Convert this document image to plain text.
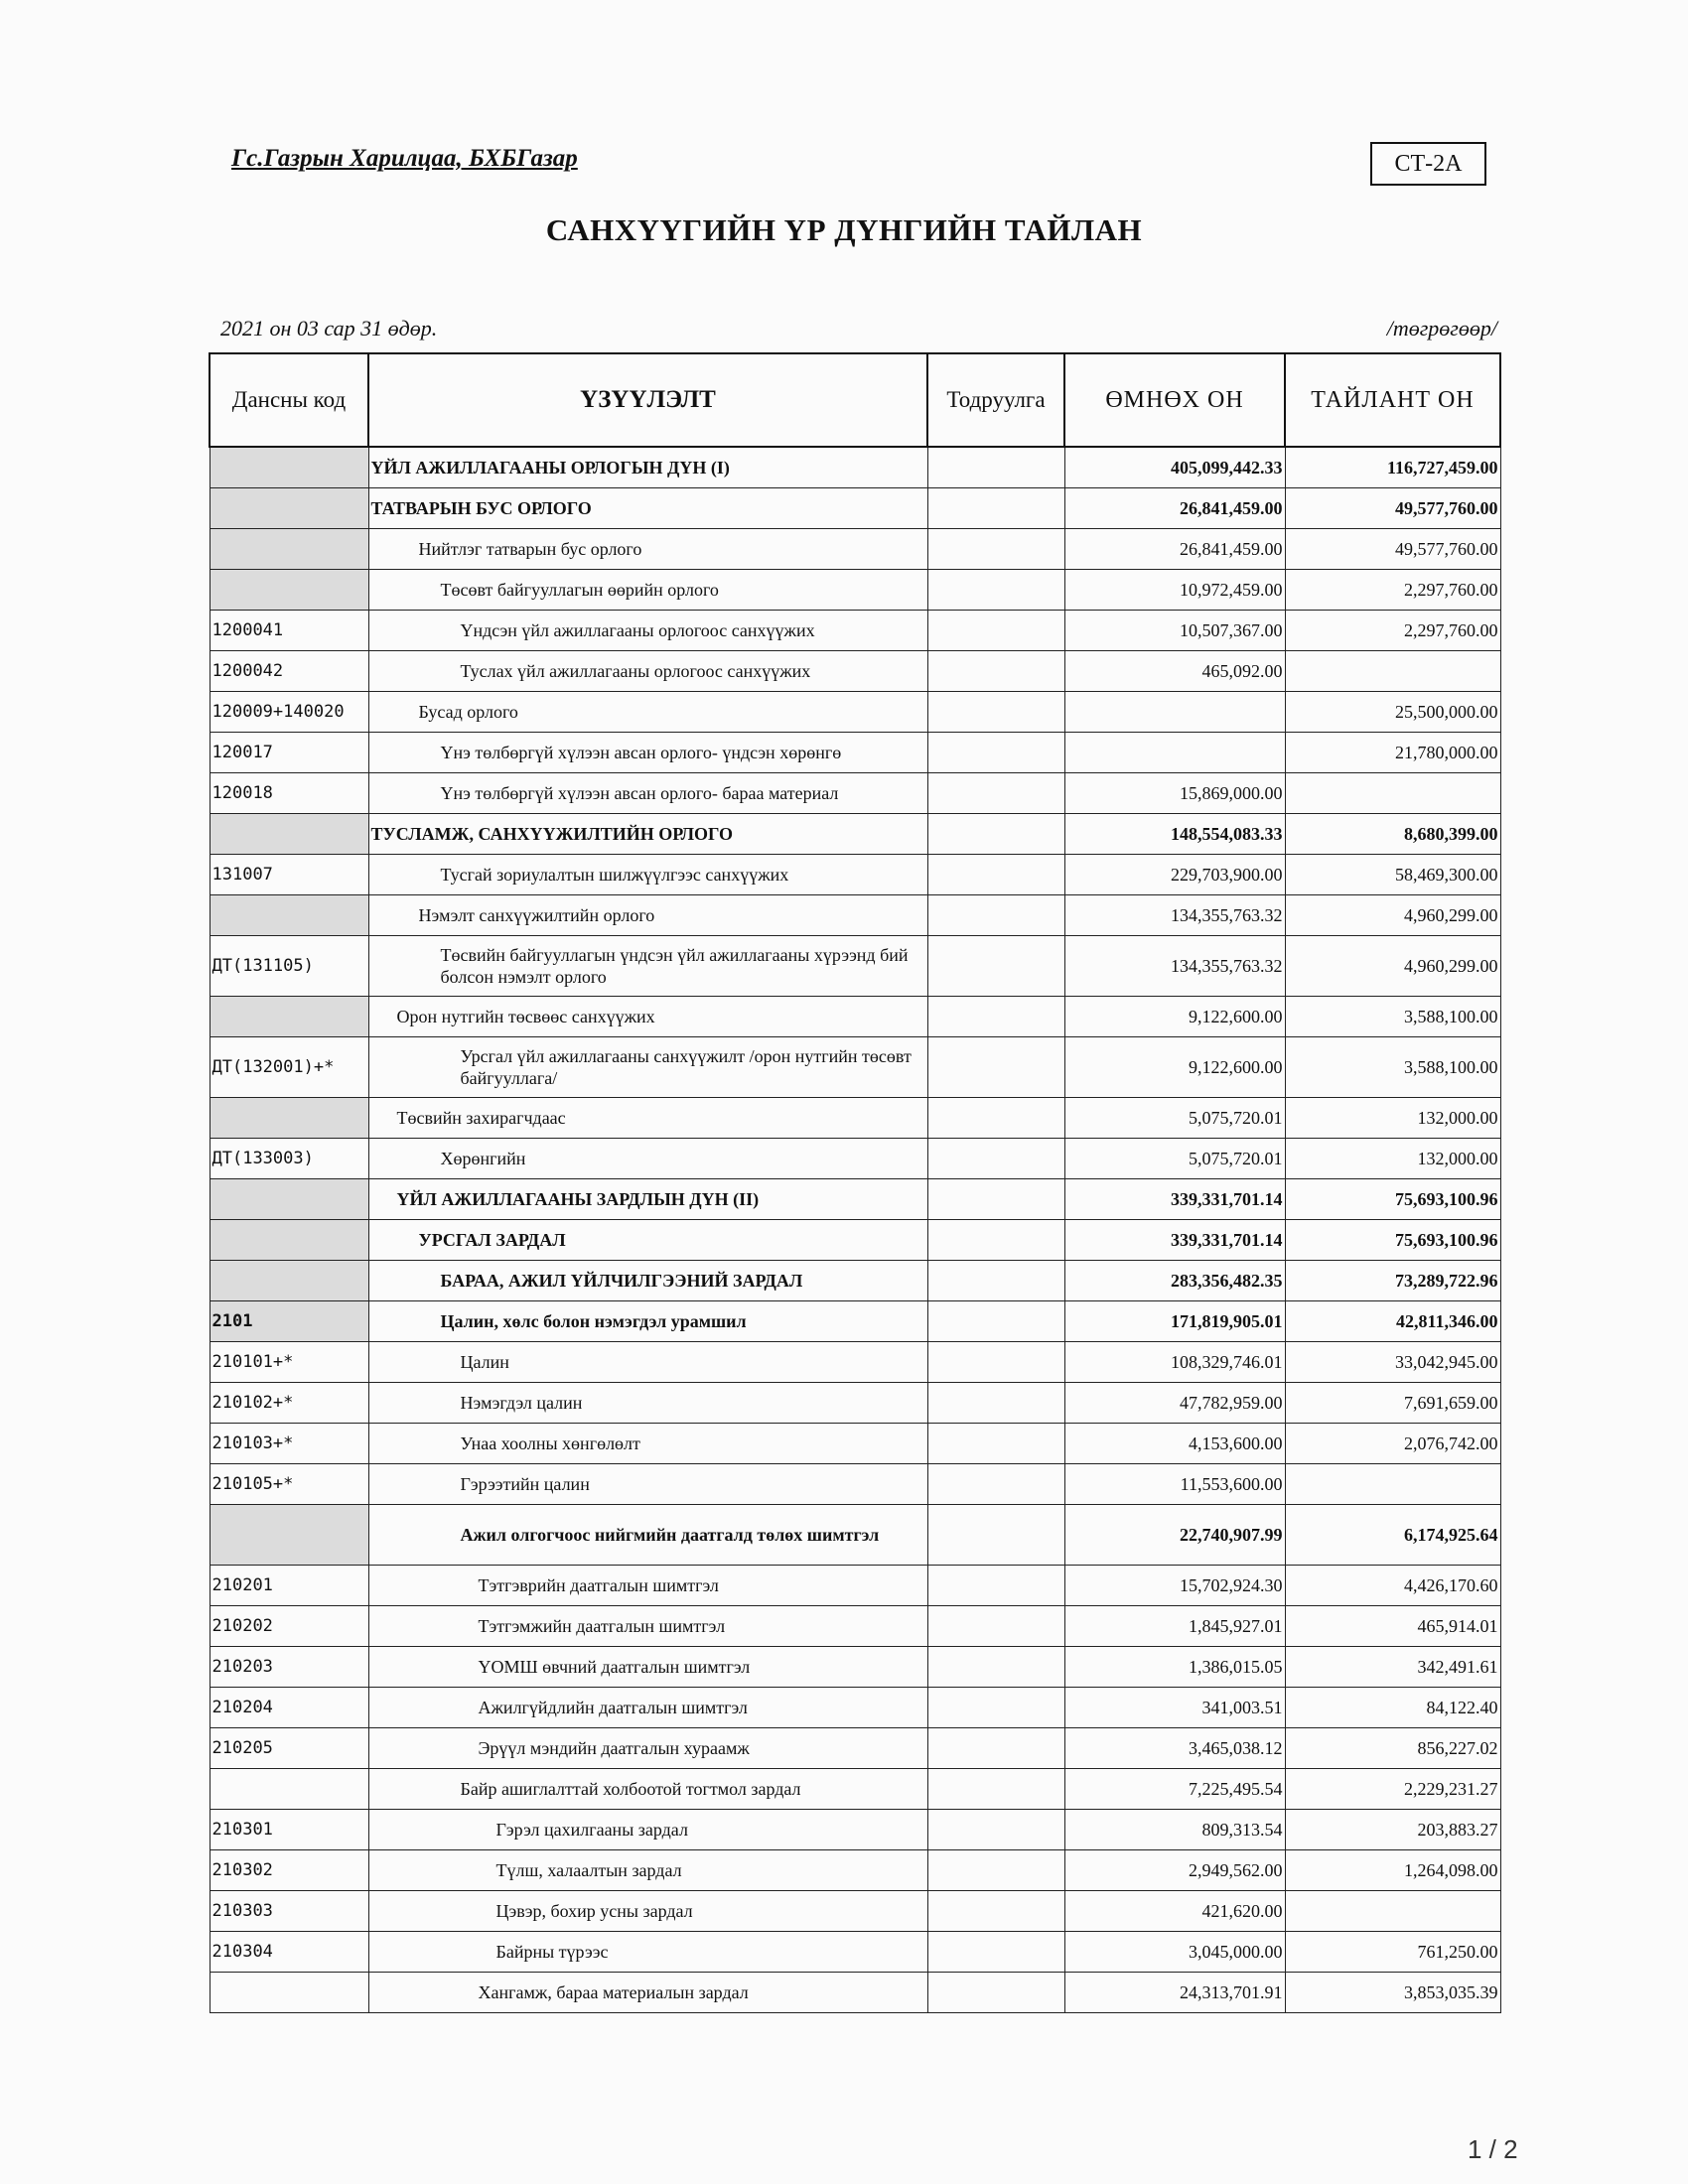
Гс.Газрын Харилцаа, БХБГазар	СТ-2А
САНХҮҮГИЙН ҮР ДҮНГИЙН ТАЙЛАН
2021 он 03 сар 31 өдөр.	/төгрөгөөр/
Дансны код	ҮЗҮҮЛЭЛТ	Тодруулга	ӨМНӨХ ОН	ТАЙЛАНТ ОН
	ҮЙЛ АЖИЛЛАГААНЫ ОРЛОГЫН ДҮН (I)		405,099,442.33	116,727,459.00
	ТАТВАРЫН БУС ОРЛОГО		26,841,459.00	49,577,760.00
	Нийтлэг татварын бус орлого		26,841,459.00	49,577,760.00
	Төсөвт байгууллагын өөрийн орлого		10,972,459.00	2,297,760.00
1200041	Үндсэн үйл ажиллагааны орлогоос санхүүжих		10,507,367.00	2,297,760.00
1200042	Туслах үйл ажиллагааны орлогоос санхүүжих		465,092.00	
120009+140020	Бусад орлого			25,500,000.00
120017	Үнэ төлбөргүй хүлээн авсан орлого- үндсэн хөрөнгө			21,780,000.00
120018	Үнэ төлбөргүй хүлээн авсан орлого- бараа материал		15,869,000.00	
	ТУСЛАМЖ, САНХҮҮЖИЛТИЙН ОРЛОГО		148,554,083.33	8,680,399.00
131007	Тусгай зориулалтын шилжүүлгээс санхүүжих		229,703,900.00	58,469,300.00
	Нэмэлт санхүүжилтийн орлого		134,355,763.32	4,960,299.00
ДТ(131105)	Төсвийн байгууллагын үндсэн үйл ажиллагааны хүрээнд бий болсон нэмэлт орлого		134,355,763.32	4,960,299.00
	Орон нутгийн төсвөөс санхүүжих		9,122,600.00	3,588,100.00
ДТ(132001)+*	Урсгал үйл ажиллагааны санхүүжилт /орон нутгийн төсөвт байгууллага/		9,122,600.00	3,588,100.00
	Төсвийн захирагчдаас		5,075,720.01	132,000.00
ДТ(133003)	Хөрөнгийн		5,075,720.01	132,000.00
	ҮЙЛ АЖИЛЛАГААНЫ ЗАРДЛЫН ДҮН (II)		339,331,701.14	75,693,100.96
	УРСГАЛ ЗАРДАЛ		339,331,701.14	75,693,100.96
	БАРАА, АЖИЛ ҮЙЛЧИЛГЭЭНИЙ ЗАРДАЛ		283,356,482.35	73,289,722.96
2101	Цалин, хөлс болон нэмэгдэл урамшил		171,819,905.01	42,811,346.00
210101+*	Цалин		108,329,746.01	33,042,945.00
210102+*	Нэмэгдэл цалин		47,782,959.00	7,691,659.00
210103+*	Унаа хоолны хөнгөлөлт		4,153,600.00	2,076,742.00
210105+*	Гэрээтийн цалин		11,553,600.00	
	Ажил олгогчоос нийгмийн даатгалд төлөх шимтгэл		22,740,907.99	6,174,925.64
210201	Тэтгэврийн даатгалын шимтгэл		15,702,924.30	4,426,170.60
210202	Тэтгэмжийн даатгалын шимтгэл		1,845,927.01	465,914.01
210203	ҮОМШ өвчний даатгалын шимтгэл		1,386,015.05	342,491.61
210204	Ажилгүйдлийн даатгалын шимтгэл		341,003.51	84,122.40
210205	Эрүүл мэндийн даатгалын хураамж		3,465,038.12	856,227.02
	Байр ашиглалттай холбоотой тогтмол зардал		7,225,495.54	2,229,231.27
210301	Гэрэл цахилгааны зардал		809,313.54	203,883.27
210302	Түлш, халаалтын зардал		2,949,562.00	1,264,098.00
210303	Цэвэр, бохир усны зардал		421,620.00	
210304	Байрны түрээс		3,045,000.00	761,250.00
	Хангамж, бараа материалын зардал		24,313,701.91	3,853,035.39
1 / 2
